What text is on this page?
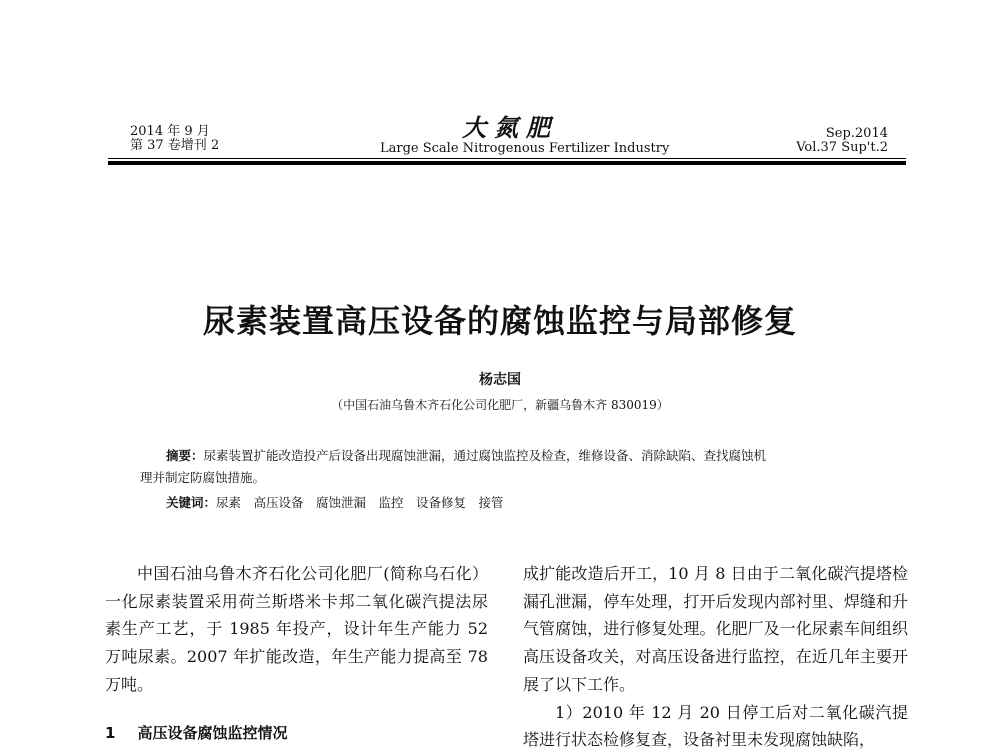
2014 年 9 月
第 37 卷增刊 2
大氮肥
Large Scale Nitrogenous Fertilizer Industry
Sep.2014
Vol.37 Sup't.2
尿素装置高压设备的腐蚀监控与局部修复
杨志国
（中国石油乌鲁木齐石化公司化肥厂，新疆乌鲁木齐 830019）
摘要：尿素装置扩能改造投产后设备出现腐蚀泄漏，通过腐蚀监控及检查，维修设备、消除缺陷、查找腐蚀机
理并制定防腐蚀措施。
关键词：尿素　高压设备　腐蚀泄漏　监控　设备修复　接管

中国石油乌鲁木齐石化公司化肥厂(简称乌石化）一化尿素装置采用荷兰斯塔米卡邦二氧化碳汽提法尿素生产工艺，于 1985 年投产，设计年生产能力 52 万吨尿素。2007 年扩能改造，年生产能力提高至 78 万吨。

1 高压设备腐蚀监控情况

成扩能改造后开工，10 月 8 日由于二氧化碳汽提塔检漏孔泄漏，停车处理，打开后发现内部衬里、焊缝和升气管腐蚀，进行修复处理。化肥厂及一化尿素车间组织高压设备攻关，对高压设备进行监控，在近几年主要开展了以下工作。

1）2010 年 12 月 20 日停工后对二氧化碳汽提塔进行状态检修复查，设备衬里未发现腐蚀缺陷，
